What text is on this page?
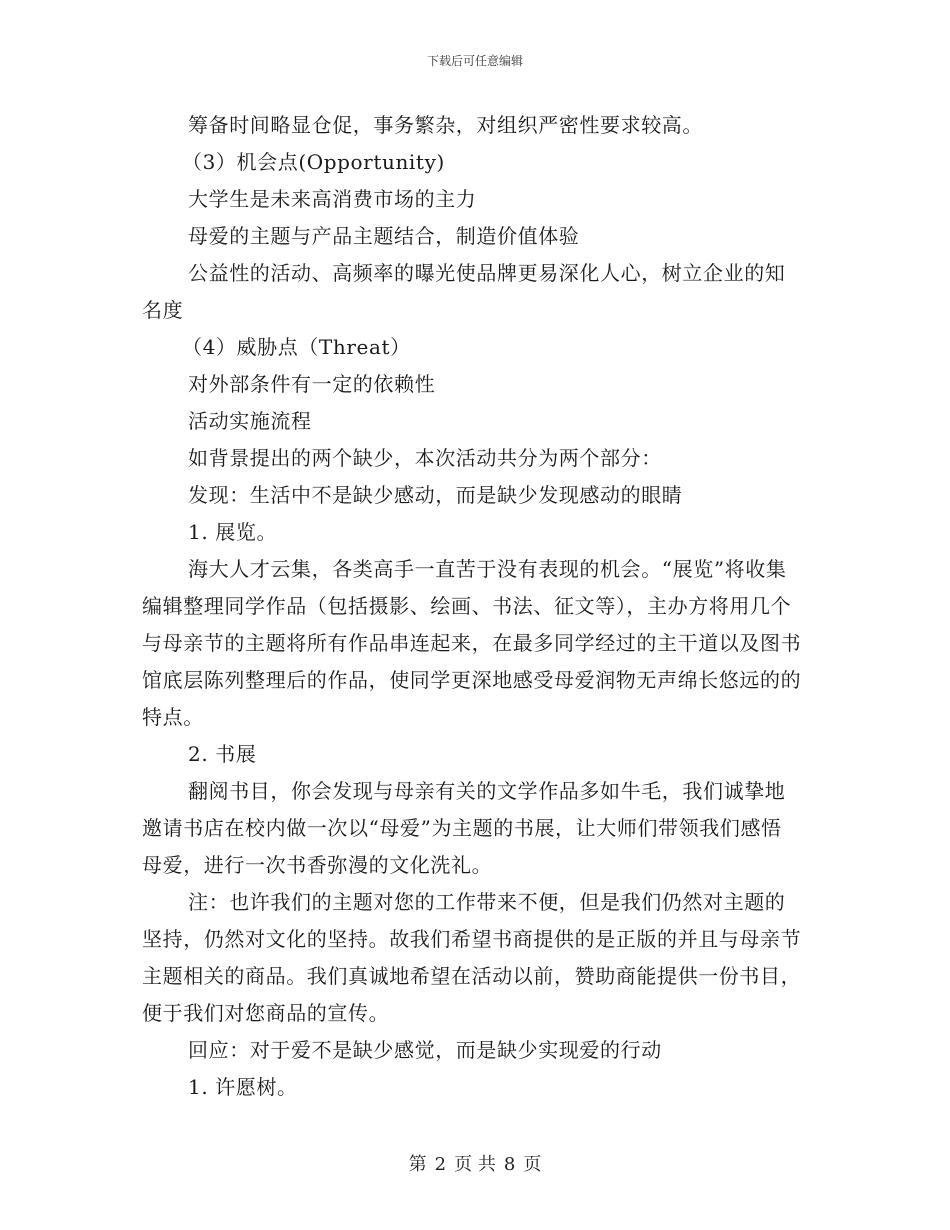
下载后可任意编辑

筹备时间略显仓促，事务繁杂，对组织严密性要求较高。

（3）机会点(Opportunity)

大学生是未来高消费市场的主力

母爱的主题与产品主题结合，制造价值体验

公益性的活动、高频率的曝光使品牌更易深化人心，树立企业的知名度

（4）威胁点（Threat）

对外部条件有一定的依赖性

活动实施流程

如背景提出的两个缺少，本次活动共分为两个部分：

发现：生活中不是缺少感动，而是缺少发现感动的眼睛

1. 展览。

海大人才云集，各类高手一直苦于没有表现的机会。“展览”将收集编辑整理同学作品（包括摄影、绘画、书法、征文等），主办方将用几个与母亲节的主题将所有作品串连起来，在最多同学经过的主干道以及图书馆底层陈列整理后的作品，使同学更深地感受母爱润物无声绵长悠远的的特点。

2. 书展

翻阅书目，你会发现与母亲有关的文学作品多如牛毛，我们诚挚地邀请书店在校内做一次以“母爱”为主题的书展，让大师们带领我们感悟母爱，进行一次书香弥漫的文化洗礼。

注：也许我们的主题对您的工作带来不便，但是我们仍然对主题的坚持，仍然对文化的坚持。故我们希望书商提供的是正版的并且与母亲节主题相关的商品。我们真诚地希望在活动以前，赞助商能提供一份书目，便于我们对您商品的宣传。

回应：对于爱不是缺少感觉，而是缺少实现爱的行动

1. 许愿树。

第 2 页 共 8 页
